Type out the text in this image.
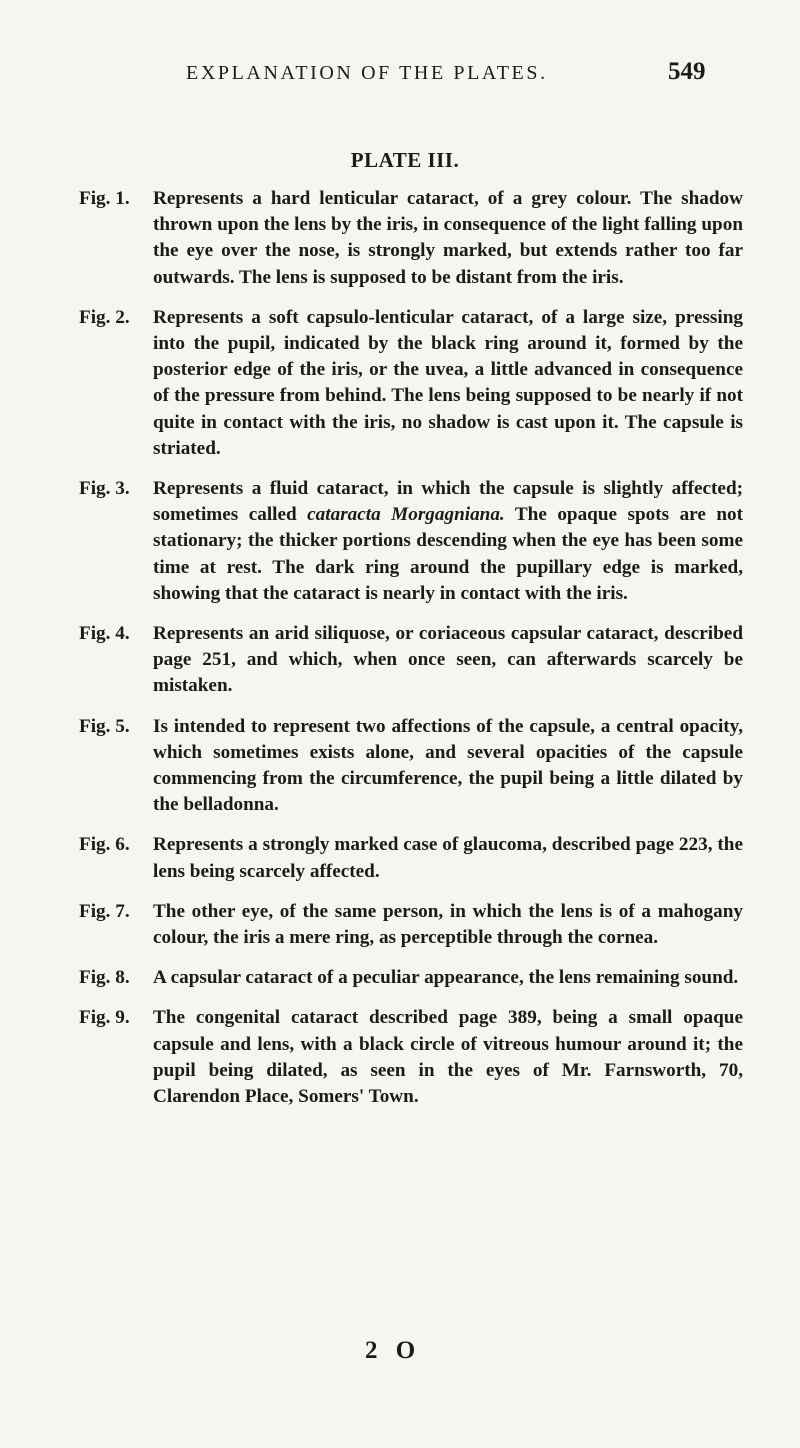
EXPLANATION OF THE PLATES.	549
PLATE III.
Fig. 1. Represents a hard lenticular cataract, of a grey colour. The shadow thrown upon the lens by the iris, in consequence of the light falling upon the eye over the nose, is strongly marked, but extends rather too far outwards. The lens is supposed to be distant from the iris.
Fig. 2. Represents a soft capsulo-lenticular cataract, of a large size, pressing into the pupil, indicated by the black ring around it, formed by the posterior edge of the iris, or the uvea, a little advanced in consequence of the pressure from behind. The lens being supposed to be nearly if not quite in contact with the iris, no shadow is cast upon it. The capsule is striated.
Fig. 3. Represents a fluid cataract, in which the capsule is slightly affected; sometimes called cataracta Morgagniana. The opaque spots are not stationary; the thicker portions descending when the eye has been some time at rest. The dark ring around the pupillary edge is marked, showing that the cataract is nearly in contact with the iris.
Fig. 4. Represents an arid siliquose, or coriaceous capsular cataract, described page 251, and which, when once seen, can afterwards scarcely be mistaken.
Fig. 5. Is intended to represent two affections of the capsule, a central opacity, which sometimes exists alone, and several opacities of the capsule commencing from the circumference, the pupil being a little dilated by the belladonna.
Fig. 6. Represents a strongly marked case of glaucoma, described page 223, the lens being scarcely affected.
Fig. 7. The other eye, of the same person, in which the lens is of a mahogany colour, the iris a mere ring, as perceptible through the cornea.
Fig. 8. A capsular cataract of a peculiar appearance, the lens remaining sound.
Fig. 9. The congenital cataract described page 389, being a small opaque capsule and lens, with a black circle of vitreous humour around it; the pupil being dilated, as seen in the eyes of Mr. Farnsworth, 70, Clarendon Place, Somers' Town.
2 O
